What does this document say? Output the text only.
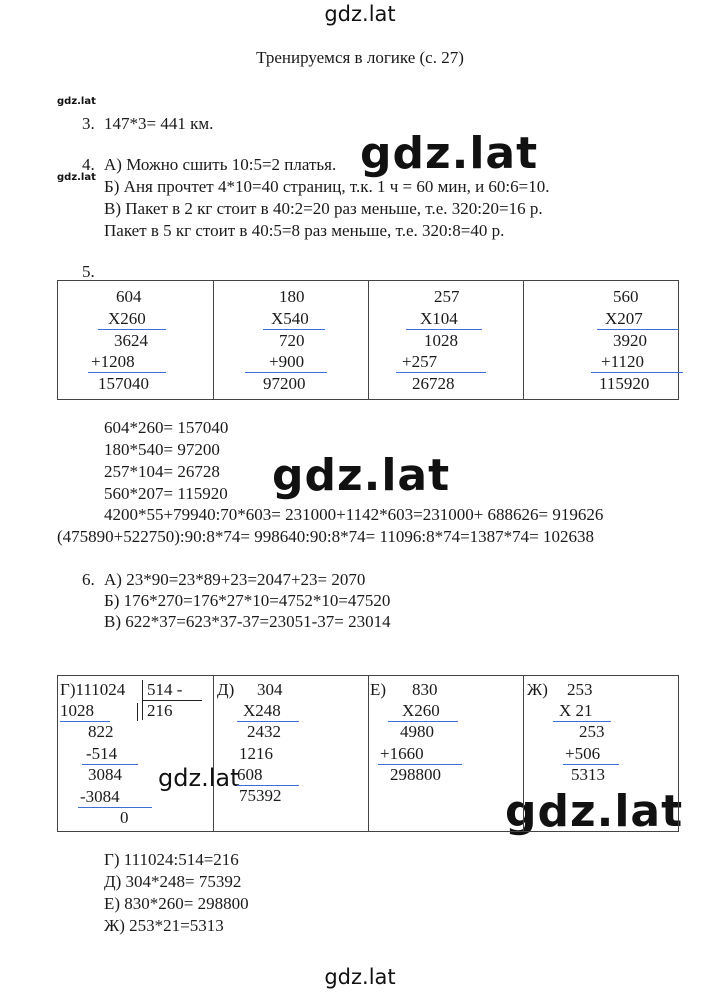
gdz.lat
gdz.lat
gdz.lat	gdz.lat
gdz.lat
gdz.lat
gdz.lat
gdz.lat
Тренируемся в логике (с. 27)
3. 147*3= 441 км.
4. А) Можно сшить 10:5=2 платья.
Б) Аня прочтет 4*10=40 страниц, т.к. 1 ч = 60 мин, и 60:6=10.
В) Пакет в 2 кг стоит в 40:2=20 раз меньше, т.е. 320:20=16 р.
Пакет в 5 кг стоит в 40:5=8 раз меньше, т.е. 320:8=40 р.
5.
604
X260
3624
+1208
157040
180
X540
720
+900
97200
257
X104
1028
+257
26728
560
X207
3920
+1120
115920
604*260= 157040
180*540= 97200
257*104= 26728
560*207= 115920
4200*55+79940:70*603= 231000+1142*603=231000+ 688626= 919626
(475890+522750):90:8*74= 998640:90:8*74= 11096:8*74=1387*74= 102638
6. А) 23*90=23*89+23=2047+23= 2070
Б) 176*270=176*27*10=4752*10=47520
В) 622*37=623*37-37=23051-37= 23014
Г)111024 514 -
216
1028
822
-514
3084
-3084
0
Д) 304
X248
2432
1216
608
75392
Е) 830
X260
4980
+1660
298800
Ж) 253
X 21
253
+506
5313
Г) 111024:514=216
Д) 304*248= 75392
Е) 830*260= 298800
Ж) 253*21=5313
